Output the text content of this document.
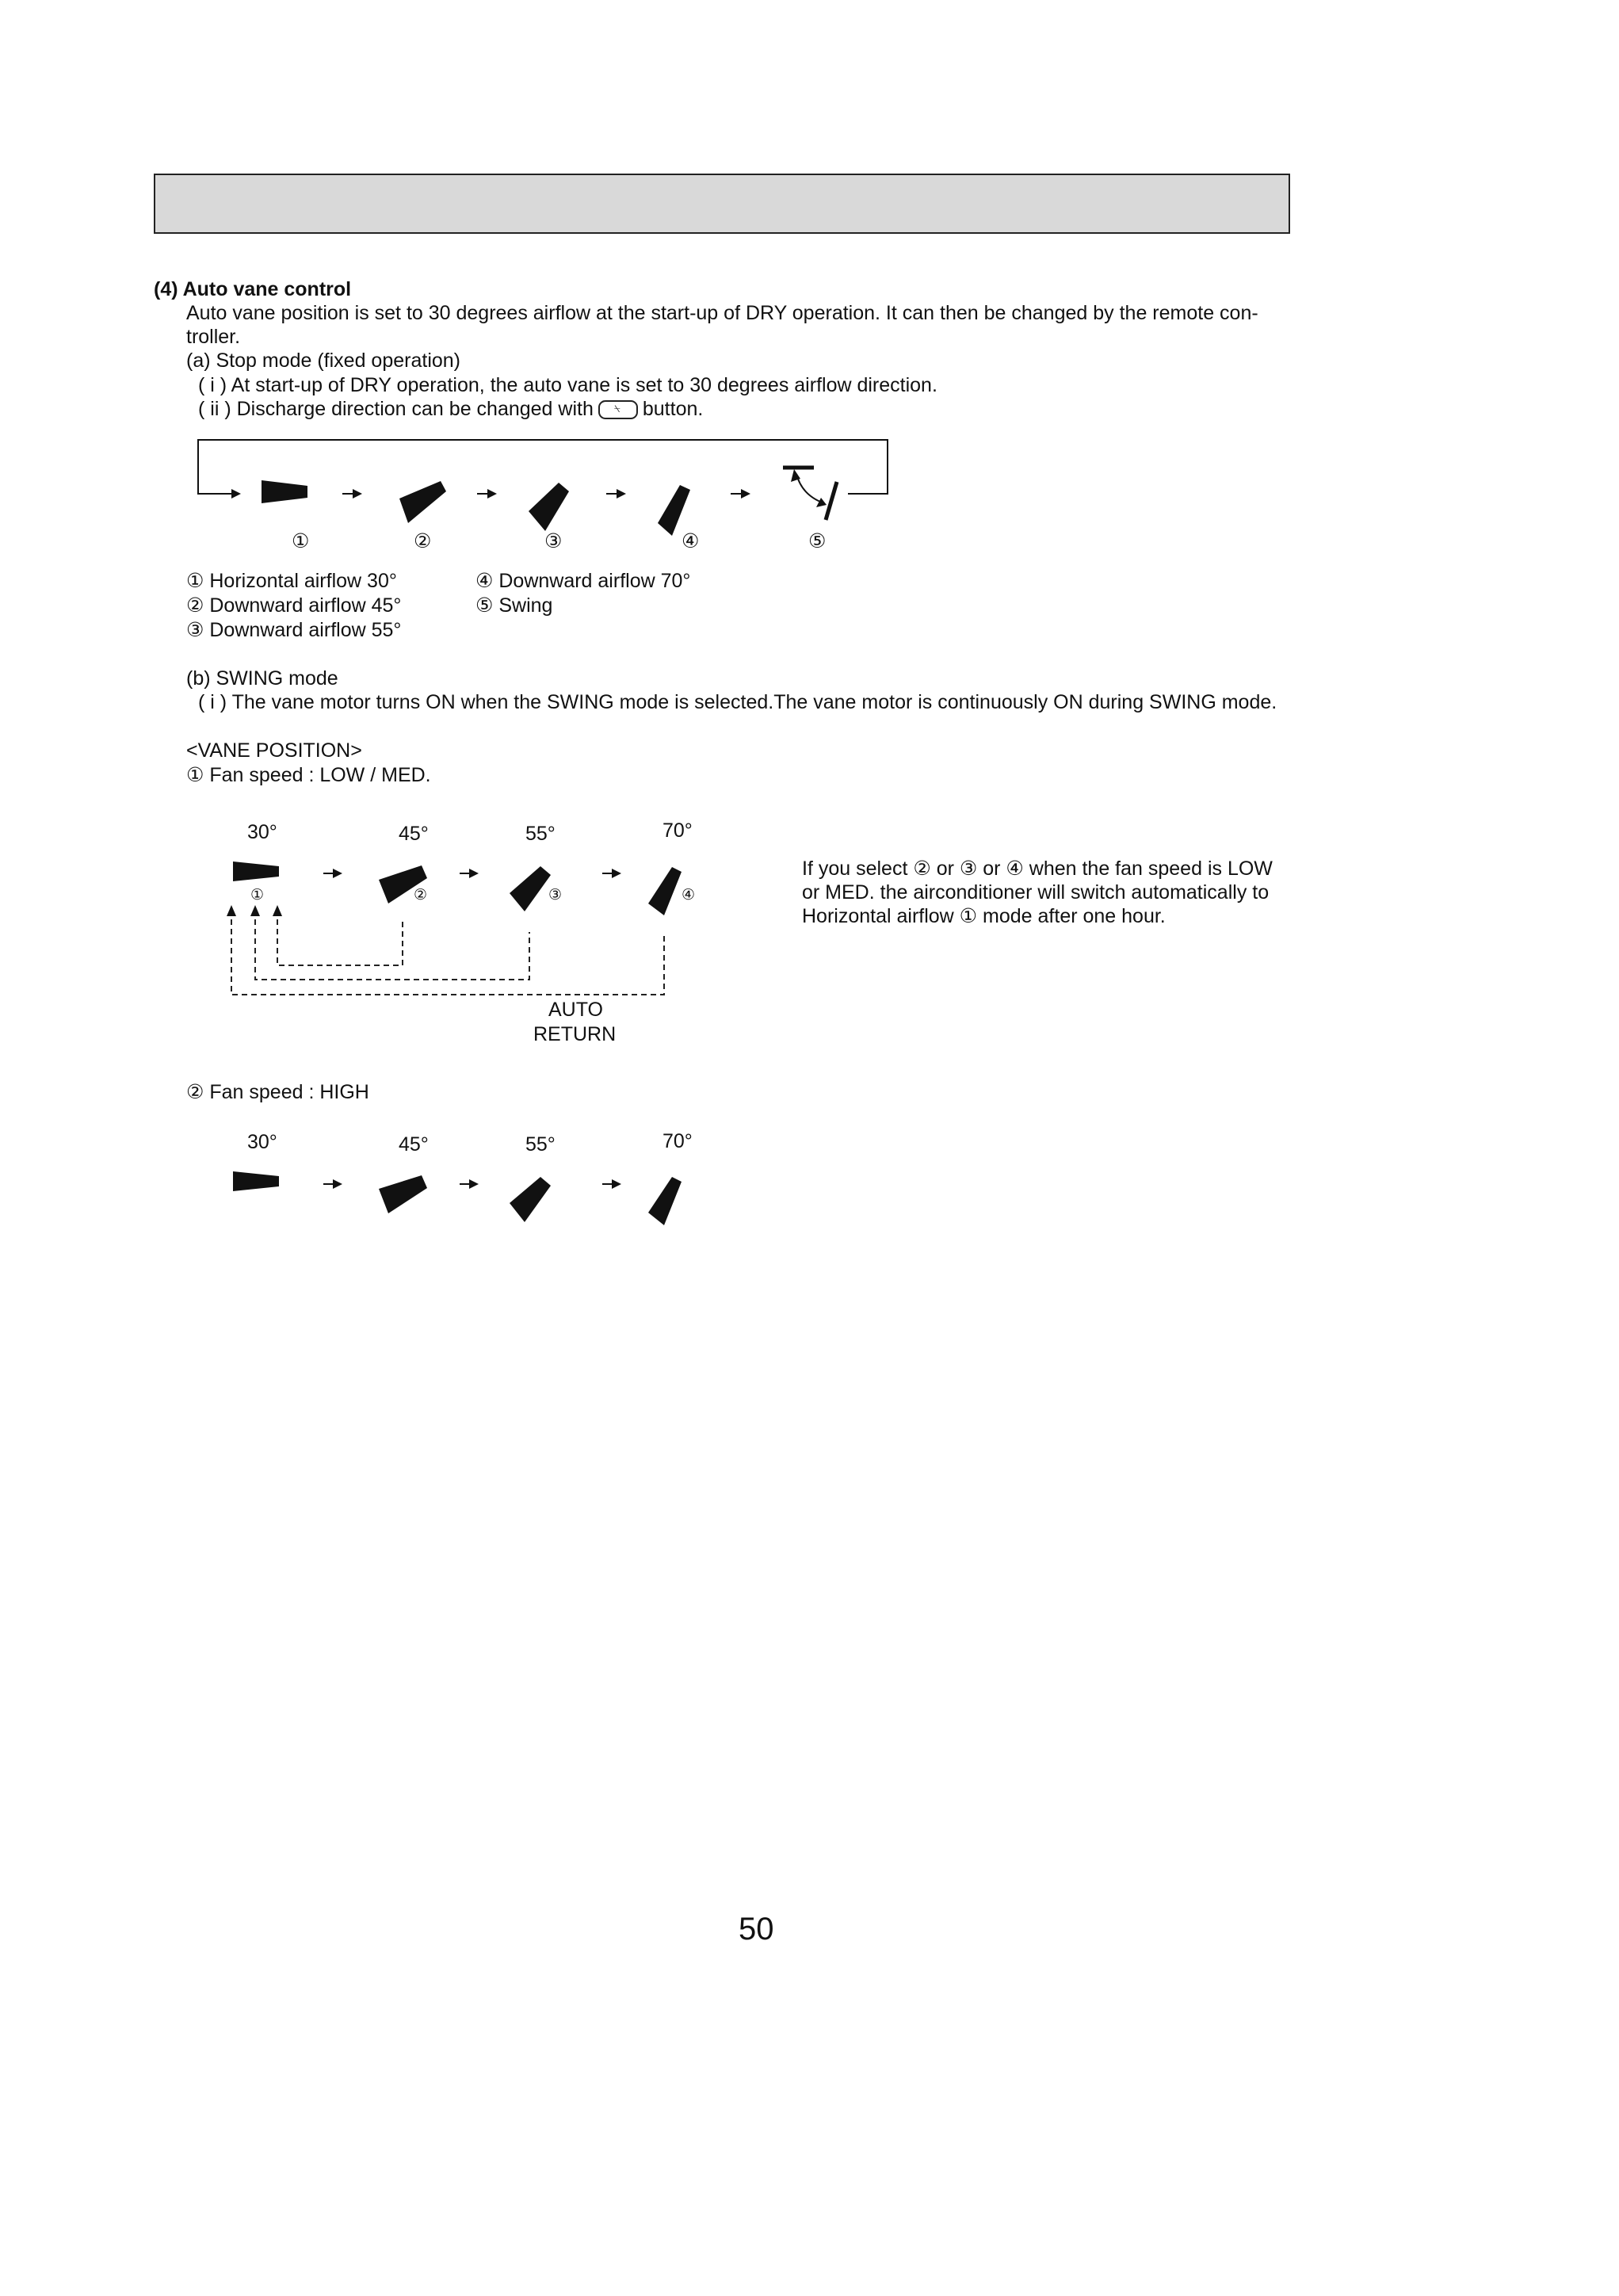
(4) Auto vane control
Auto vane position is set to 30 degrees airflow at the start-up of DRY operation. It can then be changed by the remote con-
troller.
(a) Stop mode (fixed operation)
( i ) At start-up of DRY operation, the auto vane is set to 30 degrees airflow direction.
( ii ) Discharge direction can be changed with ⍀ button.
①	②	③	④	⑤
① Horizontal airflow 30°
② Downward airflow 45°
③ Downward airflow 55°
④ Downward airflow 70°
⑤ Swing
(b) SWING mode
( i ) The vane motor turns ON when the SWING mode is selected.The vane motor is continuously ON during SWING mode.
<VANE POSITION>
① Fan speed : LOW / MED.
30°	45°	55°	70°
①	②	③	④
AUTO
RETURN
If you select ② or ③ or ④ when the fan speed is LOW
or MED. the airconditioner will switch automatically to
Horizontal airflow ① mode after one hour.
② Fan speed : HIGH
30°	45°	55°	70°
50
